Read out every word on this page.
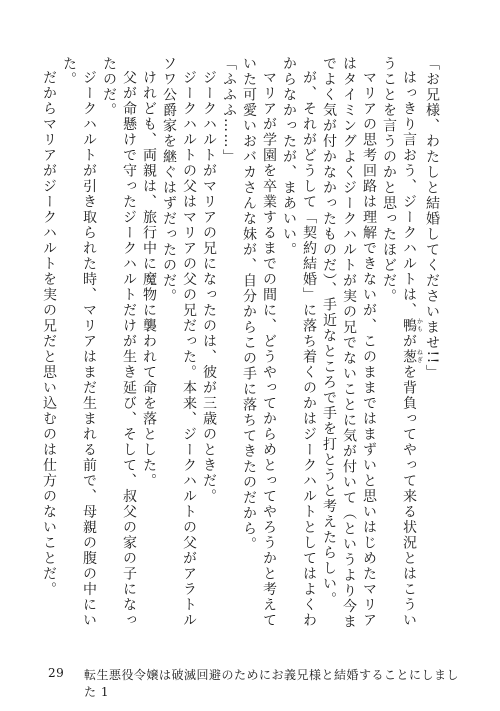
「お兄様、わたしと結婚してくださいませ!!」

はっきり言おう、ジークハルトは、鴨かもが葱ねぎを背負ってやって来る状況とはこういうことを言うのかと思ったほどだ。

マリアの思考回路は理解できないが、このままではまずいと思いはじめたマリアはタイミングよくジークハルトが実の兄でないことに気が付いて（というより今までよく気が付かなかったものだ）、手近なところで手を打とうと考えたらしい。

が、それがどうして「契約結婚」に落ち着くのかはジークハルトとしてはよくわからなかったが、まあいい。

マリアが学園を卒業するまでの間に、どうやってからめとってやろうかと考えていた可愛いおバカさんな妹が、自分からこの手に落ちてきたのだから。

「ふふふ……」

ジークハルトがマリアの兄になったのは、彼が三歳のときだ。

ジークハルトの父はマリアの父の兄だった。本来、ジークハルトの父がアラトルソワ公爵家を継ぐはずだったのだ。

けれども、両親は、旅行中に魔物に襲われて命を落とした。

父が命懸けで守ったジークハルトだけが生き延び、そして、叔父の家の子になったのだ。

ジークハルトが引き取られた時、マリアはまだ生まれる前で、母親の腹の中にいた。

だからマリアがジークハルトを実の兄だと思い込むのは仕方のないことだ。

29 転生悪役令嬢は破滅回避のためにお義兄様と結婚することにしました 1
